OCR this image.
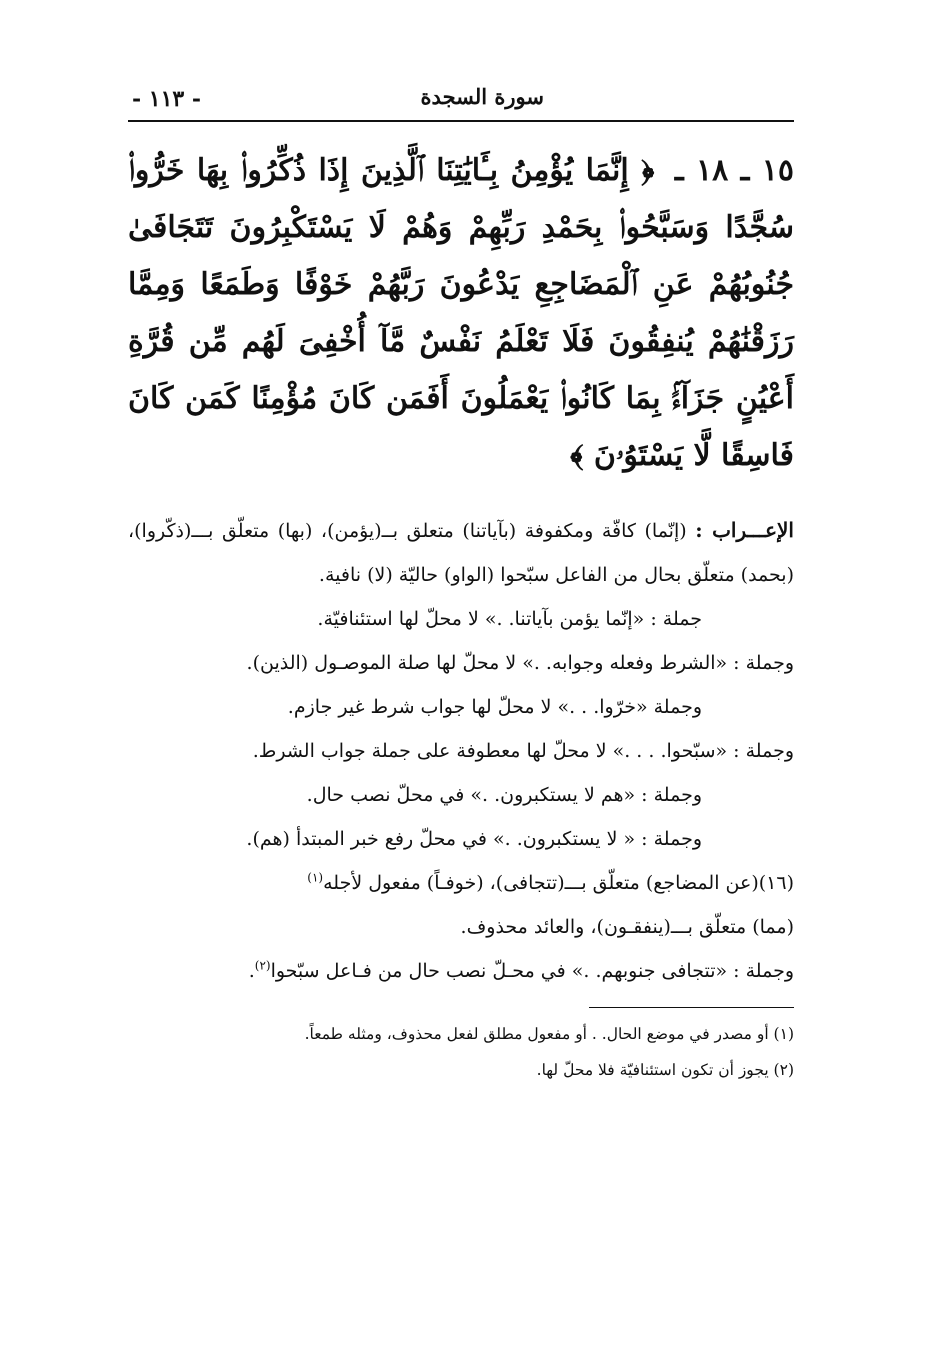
سورة السجدة
- ١١٣ -
١٥ ـ ١٨ ـ ﴿ إِنَّمَا يُؤْمِنُ بِـَٔايَٰتِنَا ٱلَّذِينَ إِذَا ذُكِّرُوا۟ بِهَا خَرُّوا۟ سُجَّدًا وَسَبَّحُوا۟ بِحَمْدِ رَبِّهِمْ وَهُمْ لَا يَسْتَكْبِرُونَ تَتَجَافَىٰ جُنُوبُهُمْ عَنِ ٱلْمَضَاجِعِ يَدْعُونَ رَبَّهُمْ خَوْفًا وَطَمَعًا وَمِمَّا رَزَقْنَٰهُمْ يُنفِقُونَ فَلَا تَعْلَمُ نَفْسٌ مَّآ أُخْفِىَ لَهُم مِّن قُرَّةِ أَعْيُنٍ جَزَآءًۢ بِمَا كَانُوا۟ يَعْمَلُونَ أَفَمَن كَانَ مُؤْمِنًا كَمَن كَانَ فَاسِقًا لَّا يَسْتَوُۥنَ ﴾

الإعـــراب : (إنّما) كافّة ومكفوفة (بآياتنا) متعلق بــ(يؤمن)، (بها) متعلّق بـــ(ذكّروا)، (بحمد) متعلّق بحال من الفاعل سبّحوا (الواو) حاليّة (لا) نافية.

جملة : «إنّما يؤمن بآياتنا. .» لا محلّ لها استئنافيّة.

وجملة : «الشرط وفعله وجوابه. .» لا محلّ لها صلة الموصـول (الذين).

وجملة «خرّوا. . .» لا محلّ لها جواب شرط غير جازم.

وجملة : «سبّحوا. . . .» لا محلّ لها معطوفة على جملة جواب الشرط.

وجملة : «هم لا يستكبرون. .» في محلّ نصب حال.

وجملة : « لا يستكبرون. .» في محلّ رفع خبر المبتدأ (هم).

(١٦)(عن المضاجع) متعلّق بـــ(تتجافى)، (خوفـاً) مفعول لأجله$^{(١)}$
(مما) متعلّق بـــ(ينفقـون)، والعائد محذوف.

وجملة : «تتجافى جنوبهم. .» في محـلّ نصب حال من فـاعل سبّحوا$^{(٢)}$.

(١) أو مصدر في موضع الحال. . أو مفعول مطلق لفعل محذوف، ومثله طمعاً.

(٢) يجوز أن تكون استئنافيّة فلا محلّ لها.
